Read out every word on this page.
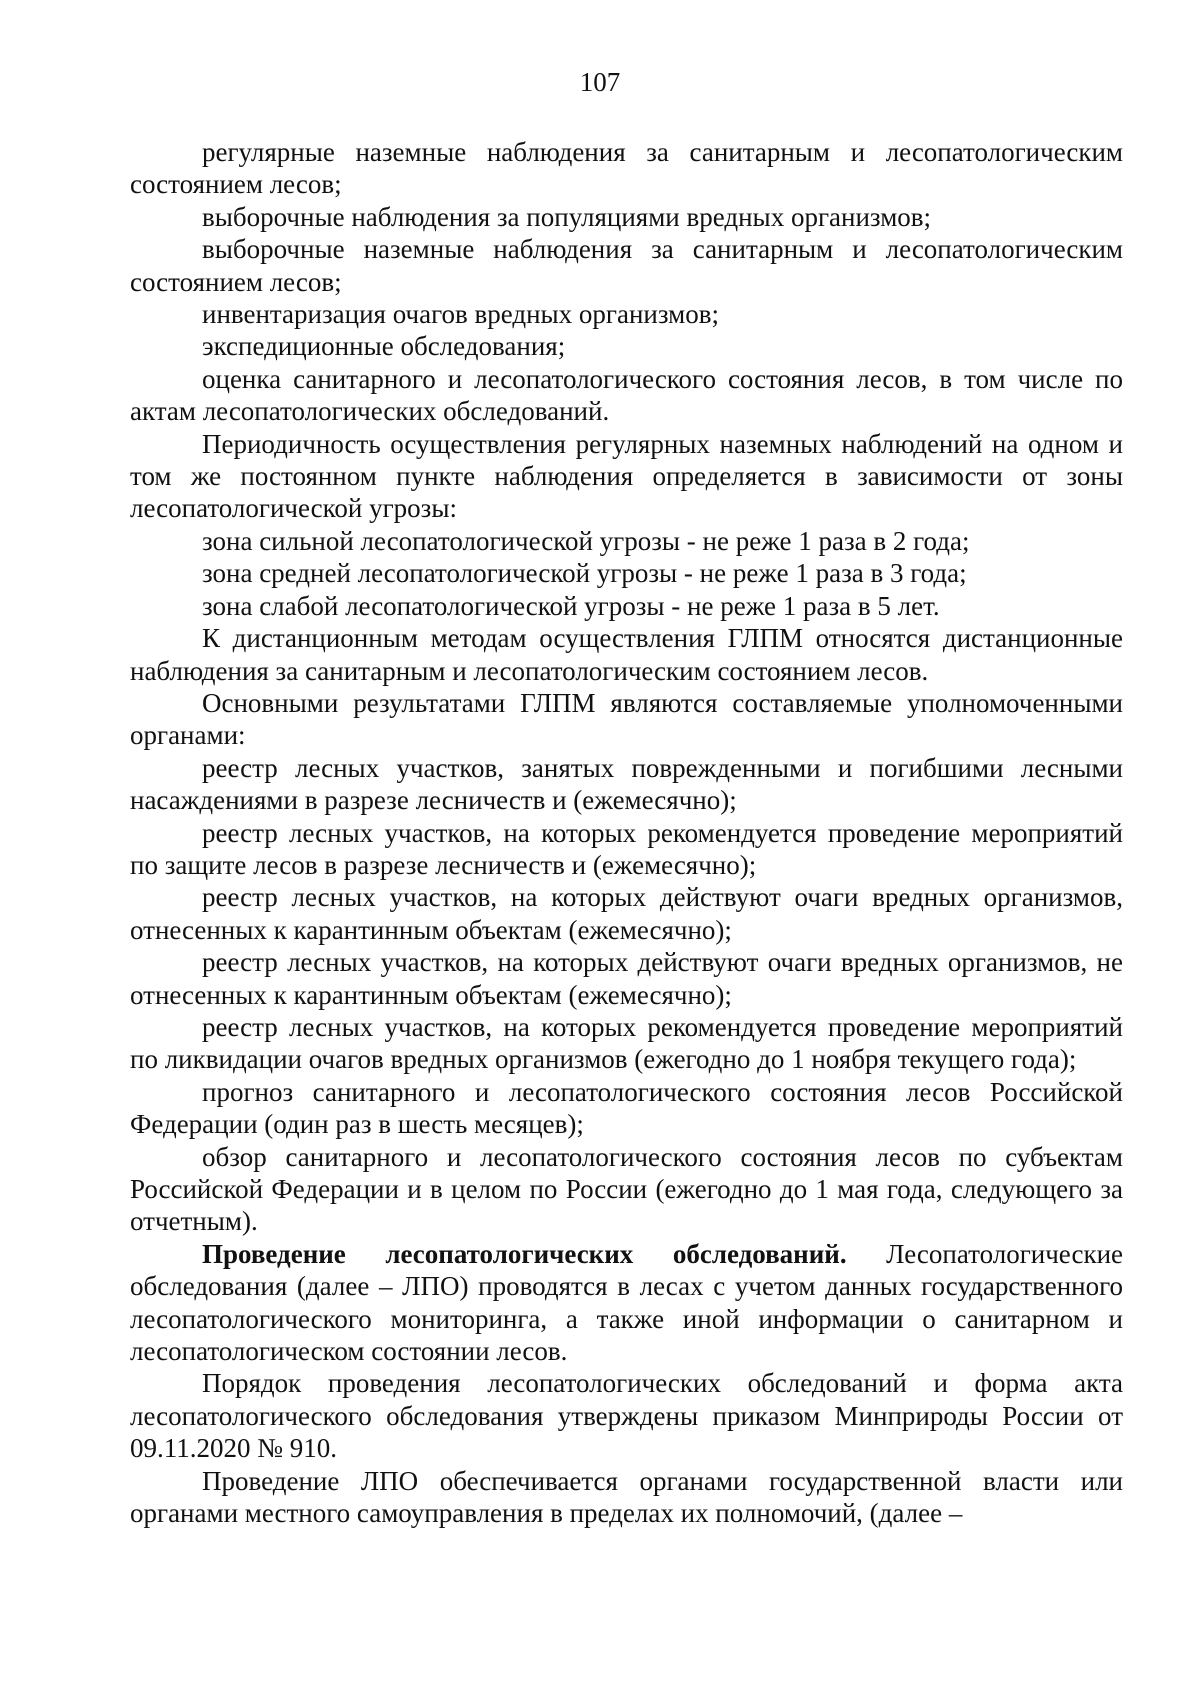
107

регулярные наземные наблюдения за санитарным и лесопатологическим состоянием лесов;

выборочные наблюдения за популяциями вредных организмов;

выборочные наземные наблюдения за санитарным и лесопатологическим состоянием лесов;

инвентаризация очагов вредных организмов;

экспедиционные обследования;

оценка санитарного и лесопатологического состояния лесов, в том числе по актам лесопатологических обследований.

Периодичность осуществления регулярных наземных наблюдений на одном и том же постоянном пункте наблюдения определяется в зависимости от зоны лесопатологической угрозы:

зона сильной лесопатологической угрозы - не реже 1 раза в 2 года;

зона средней лесопатологической угрозы - не реже 1 раза в 3 года;

зона слабой лесопатологической угрозы - не реже 1 раза в 5 лет.

К дистанционным методам осуществления ГЛПМ относятся дистанционные наблюдения за санитарным и лесопатологическим состоянием лесов.

Основными результатами ГЛПМ являются составляемые уполномоченными органами:

реестр лесных участков, занятых поврежденными и погибшими лесными насаждениями в разрезе лесничеств и (ежемесячно);

реестр лесных участков, на которых рекомендуется проведение мероприятий по защите лесов в разрезе лесничеств и (ежемесячно);

реестр лесных участков, на которых действуют очаги вредных организмов, отнесенных к карантинным объектам (ежемесячно);

реестр лесных участков, на которых действуют очаги вредных организмов, не отнесенных к карантинным объектам (ежемесячно);

реестр лесных участков, на которых рекомендуется проведение мероприятий по ликвидации очагов вредных организмов (ежегодно до 1 ноября текущего года);

прогноз санитарного и лесопатологического состояния лесов Российской Федерации (один раз в шесть месяцев);

обзор санитарного и лесопатологического состояния лесов по субъектам Российской Федерации и в целом по России (ежегодно до 1 мая года, следующего за отчетным).

Проведение лесопатологических обследований. Лесопатологические обследования (далее – ЛПО) проводятся в лесах с учетом данных государственного лесопатологического мониторинга, а также иной информации о санитарном и лесопатологическом состоянии лесов.

Порядок проведения лесопатологических обследований и форма акта лесопатологического обследования утверждены приказом Минприроды России от 09.11.2020 № 910.

Проведение ЛПО обеспечивается органами государственной власти или органами местного самоуправления в пределах их полномочий, (далее –
